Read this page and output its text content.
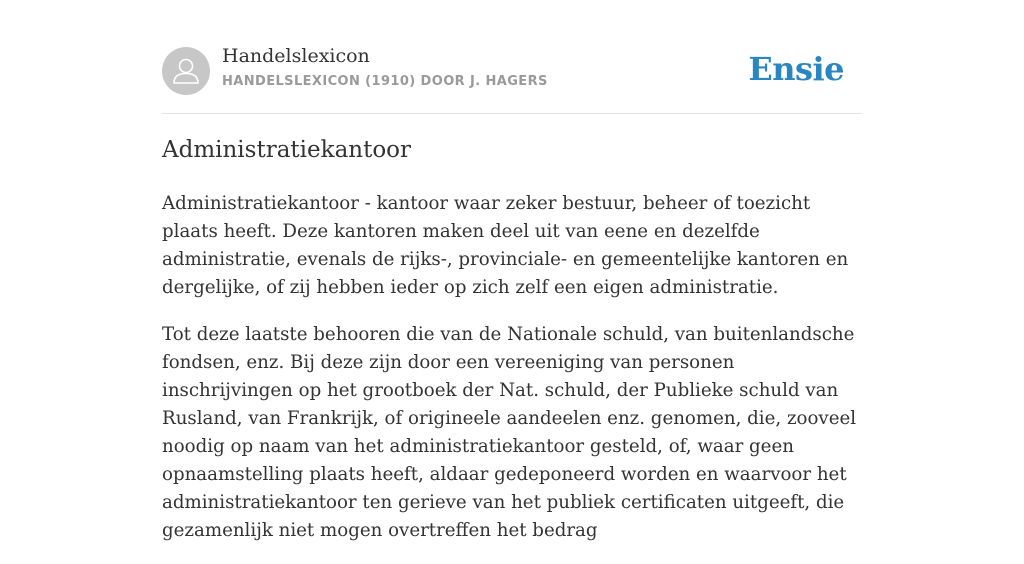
Handelslexicon
HANDELSLEXICON (1910) DOOR J. HAGERS	Ensie
Administratiekantoor

Administratiekantoor - kantoor waar zeker bestuur, beheer of toezicht plaats heeft. Deze kantoren maken deel uit van eene en dezelfde administratie, evenals de rijks-, provinciale- en gemeentelijke kantoren en dergelijke, of zij hebben ieder op zich zelf een eigen administratie.

Tot deze laatste behooren die van de Nationale schuld, van buitenlandsche fondsen, enz. Bij deze zijn door een vereeniging van personen inschrijvingen op het grootboek der Nat. schuld, der Publieke schuld van Rusland, van Frankrijk, of origineele aandeelen enz. genomen, die, zooveel noodig op naam van het administratiekantoor gesteld, of, waar geen opnaamstelling plaats heeft, aldaar gedeponeerd worden en waarvoor het administratiekantoor ten gerieve van het publiek certificaten uitgeeft, die gezamenlijk niet mogen overtreffen het bedrag
